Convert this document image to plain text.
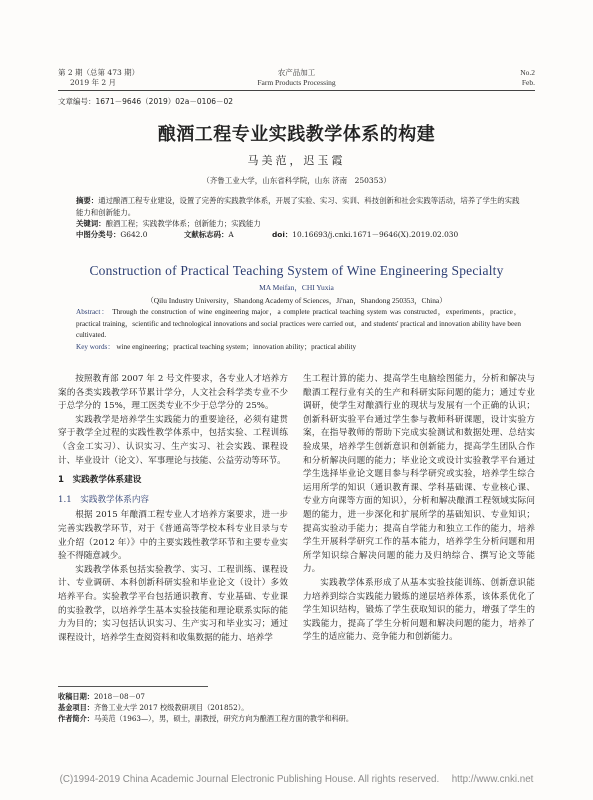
第 2 期（总第 473 期）
2019 年 2 月
农产品加工
Farm Products Processing
No.2
Feb.
文章编号：1671－9646（2019）02a－0106－02
酿酒工程专业实践教学体系的构建
马美范，迟玉霞
（齐鲁工业大学，山东省科学院，山东 济南　250353）
摘要：通过酿酒工程专业建设，设置了完善的实践教学体系，开展了实验、实习、实训、科技创新和社会实践等活动，培养了学生的实践能力和创新能力。
关键词：酿酒工程；实践教学体系；创新能力；实践能力
中图分类号：G642.0	文献标志码：A	doi：10.16693/j.cnki.1671－9646(X).2019.02.030
Construction of Practical Teaching System of Wine Engineering Specialty
MA Meifan，CHI Yuxia
（Qilu Industry University，Shandong Academy of Sciences，Ji'nan，Shandong 250353，China）
Abstract： Through the construction of wine engineering major，a complete practical teaching system was constructed，experiments，practice，practical training，scientific and technological innovations and social practices were carried out，and students' practical and innovation ability have been cultivated.
Key words： wine engineering；practical teaching system；innovation ability；practical ability

按照教育部 2007 年 2 号文件要求，各专业人才培养方案的各类实践教学环节累计学分，人文社会科学类专业不少于总学分的 15%，理工医类专业不少于总学分的 25%。

实践教学是培养学生实践能力的重要途径，必须有建贯穿于教学全过程的实践性教学体系中，包括实验、工程训练（含金工实习）、认识实习、生产实习、社会实践、课程设计、毕业设计（论文）、军事理论与技能、公益劳动等环节。

1　实践教学体系建设
1.1　实践教学体系内容

根据 2015 年酿酒工程专业人才培养方案要求，进一步完善实践教学环节，对于《普通高等学校本科专业目录与专业介绍（2012 年）》中的主要实践性教学环节和主要专业实验不得随意减少。

实践教学体系包括实验教学、实习、工程训练、课程设计、专业调研、本科创新科研实验和毕业论文（设计）多效培养平台。实验教学平台包括通识教育、专业基础、专业课的实验教学，以培养学生基本实验技能和理论联系实际的能力为目的；实习包括认识实习、生产实习和毕业实习；通过课程设计，培养学生查阅资料和收集数据的能力、培养学

生工程计算的能力、提高学生电脑绘图能力，分析和解决与酿酒工程行业有关的生产和科研实际问题的能力；通过专业调研，使学生对酿酒行业的现状与发展有一个正确的认识；创新科研实验平台通过学生参与教师科研课题，设计实验方案，在指导教师的帮助下完成实验测试和数据处理、总结实验成果，培养学生创新意识和创新能力，提高学生团队合作和分析解决问题的能力；毕业论文或设计实验教学平台通过学生选择毕业论文题目参与科学研究或实验，培养学生综合运用所学的知识（通识教育课、学科基础课、专业核心课、专业方向课等方面的知识），分析和解决酿酒工程领域实际问题的能力，进一步深化和扩展所学的基础知识、专业知识；提高实验动手能力；提高自学能力和独立工作的能力，培养学生开展科学研究工作的基本能力，培养学生分析问题和用所学知识综合解决问题的能力及归纳综合、撰写论文等能力。

实践教学体系形成了从基本实验技能训练、创新意识能力培养到综合实践能力锻炼的递层培养体系，该体系优化了学生知识结构，锻炼了学生获取知识的能力，增强了学生的实践能力，提高了学生分析问题和解决问题的能力，培养了学生的适应能力、竞争能力和创新能力。

收稿日期：2018－08－07
基金项目：齐鲁工业大学 2017 校级教研项目（201852）。
作者简介：马美范（1963—），男，硕士，副教授，研究方向为酿酒工程方面的教学和科研。
(C)1994-2019 China Academic Journal Electronic Publishing House. All rights reserved.　 http://www.cnki.net
